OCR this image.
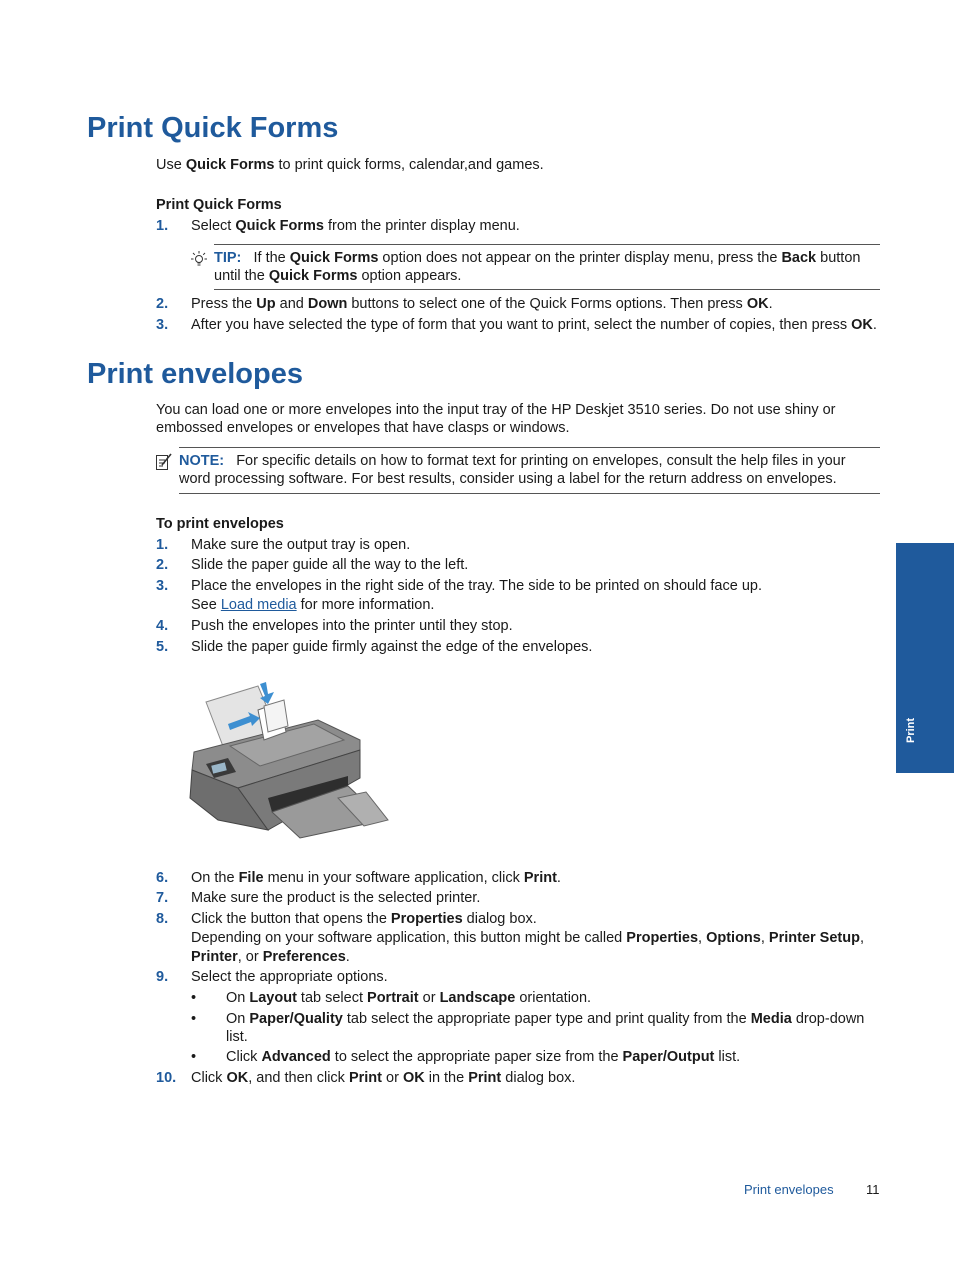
Print Quick Forms
Use Quick Forms to print quick forms, calendar,and games.
Print Quick Forms
1. Select Quick Forms from the printer display menu.
TIP: If the Quick Forms option does not appear on the printer display menu, press the Back button until the Quick Forms option appears.
2. Press the Up and Down buttons to select one of the Quick Forms options. Then press OK.
3. After you have selected the type of form that you want to print, select the number of copies, then press OK.
Print envelopes
You can load one or more envelopes into the input tray of the HP Deskjet 3510 series. Do not use shiny or embossed envelopes or envelopes that have clasps or windows.
NOTE: For specific details on how to format text for printing on envelopes, consult the help files in your word processing software. For best results, consider using a label for the return address on envelopes.
To print envelopes
1. Make sure the output tray is open.
2. Slide the paper guide all the way to the left.
3. Place the envelopes in the right side of the tray. The side to be printed on should face up.
See Load media for more information.
4. Push the envelopes into the printer until they stop.
5. Slide the paper guide firmly against the edge of the envelopes.
6. On the File menu in your software application, click Print.
7. Make sure the product is the selected printer.
8. Click the button that opens the Properties dialog box.
Depending on your software application, this button might be called Properties, Options, Printer Setup, Printer, or Preferences.
9. Select the appropriate options.
• On Layout tab select Portrait or Landscape orientation.
• On Paper/Quality tab select the appropriate paper type and print quality from the Media drop-down list.
• Click Advanced to select the appropriate paper size from the Paper/Output list.
10. Click OK, and then click Print or OK in the Print dialog box.
Print
Print envelopes 11
